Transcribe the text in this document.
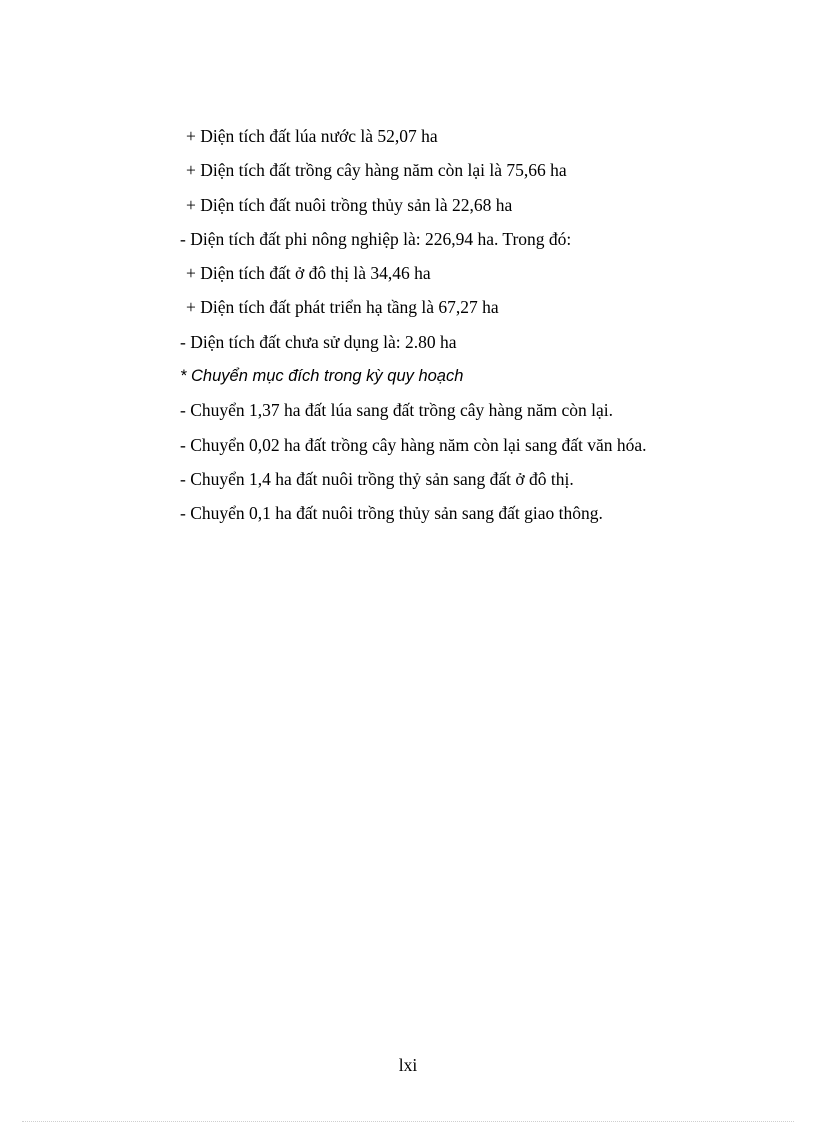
+ Diện tích đất lúa nước là 52,07 ha
+ Diện tích đất trồng cây hàng năm còn lại là 75,66 ha
+ Diện tích đất nuôi trồng thủy sản là 22,68 ha
- Diện tích đất phi nông nghiệp là: 226,94 ha. Trong đó:
+ Diện tích đất ở đô thị là 34,46 ha
+ Diện tích đất phát triển hạ tầng là 67,27 ha
- Diện tích đất chưa sử dụng là: 2.80 ha
* Chuyển mục đích trong kỳ quy hoạch
- Chuyển 1,37 ha đất lúa sang đất trồng cây hàng năm còn lại.
- Chuyển 0,02 ha đất trồng cây hàng năm còn lại sang đất văn hóa.
- Chuyển 1,4 ha đất nuôi trồng thỷ sản sang đất ở đô thị.
- Chuyển 0,1 ha đất nuôi trồng thủy sản sang đất giao thông.
lxi
